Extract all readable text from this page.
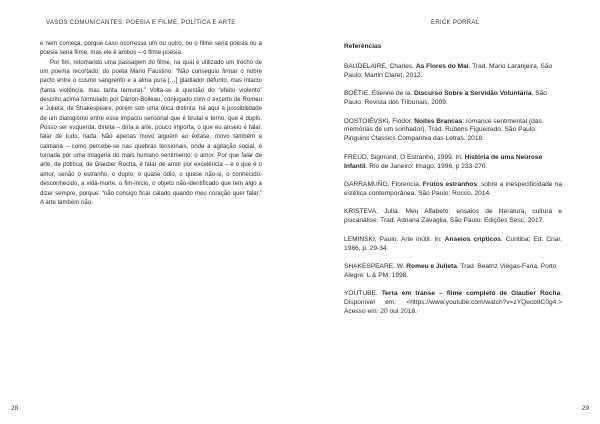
VASOS COMUNICANTES: POESIA E FILME, POLÍTICA E ARTE

e nem começa, porque caso ocorresse um ou outro, ou o filme seria poesia ou a poesia seria filme, mas ele é ambos – o filme-poesia.

Por fim, retomando uma passagem do filme, na qual é utilizado um trecho de um poema recortado, do poeta Mario Faustino: “Não conseguiu firmar o nobre pacto entre o cosmo sangrento e a alma pura […] gladiador defunto, mas intacto (tanta violência, mas tanta ternura).” Volta-se à questão do “efeito violento” descrito acima formulado por Danon-Boileau, conjugado com o excerto de Romeu e Julieta, de Shakespeare, porém sob uma ótica distinta: há aqui a possibilidade de um dialogismo entre esse impacto sensorial que é brutal e terno, que é duplo. Posso ser esquerda, direita – diria a arte, pouco importa, o que eu anseio é falar, falar de tudo, nada. Não apenas movo alguém ao êxtase, movo também a calmaria – como percebe-se nas quebras tensionais, onde a agitação social, é tomada por uma imageria do mais humano sentimento: o amor. Por que falar de arte, de política, de Glauber Rocha, é falar de amor por excelência – e o que é o amor, senão o estranho, o duplo, o quase ódio, o quase não-si, o conhecido-desconhecido, a vida-morte, o fim-início, o objeto não-identificado que tem algo a dizer sempre, porque: “não consigo ficar calado quando meu coração quer falar.” A arte também não.

28
ERICK PORRAL
Referências
BAUDELAIRE, Charles. As Flores do Mal. Trad. Mario Laranjeira, São Paulo: Martin Claret, 2012.
BOÉTIE, Étienne de la. Discurso Sobre a Servidão Voluntária. São Paulo: Revista dos Tribunais, 2009.
DOSTOIÉVSKI, Fiódor. Noites Brancas: romance sentimental (das memórias de um sonhador). Trad. Rubens Figueiredo. São Paulo: Pinguins Classics Companhia das Letras, 2018.
FREUD, Sigmund. O Estranho, 1999. In: História de uma Neurose Infantil. Rio de Janeiro: Imago, 1996, p 233-270.
GARRAMUÑO, Florencia. Frutos estranhos: sobre a inespecificidade na estética contemporânea. São Paulo: Rocco, 2014.
KRISTEVA, Julia. Meu Alfabeto: ensaios de literatura, cultura e psicanálise. Trad. Adriana Zavaglia, São Paulo: Edições Sesc, 2017.
LEMINSKI, Paulo. Arte inútil. In: Anseios crípticos. Curitiba: Ed. Criar, 1986, p. 29-34.
SHAKESPEARE, W. Romeu e Julieta. Trad. Beatriz Viégas-Faria, Porto Alegre: L & PM, 1998.
YOUTUBE. Terra em transe – filme completo de Glauber Rocha. Disponível em: <https://www.youtube.com/watch?v=zYQecb9C0g4.> Acesso em: 20 out 2018.
29
